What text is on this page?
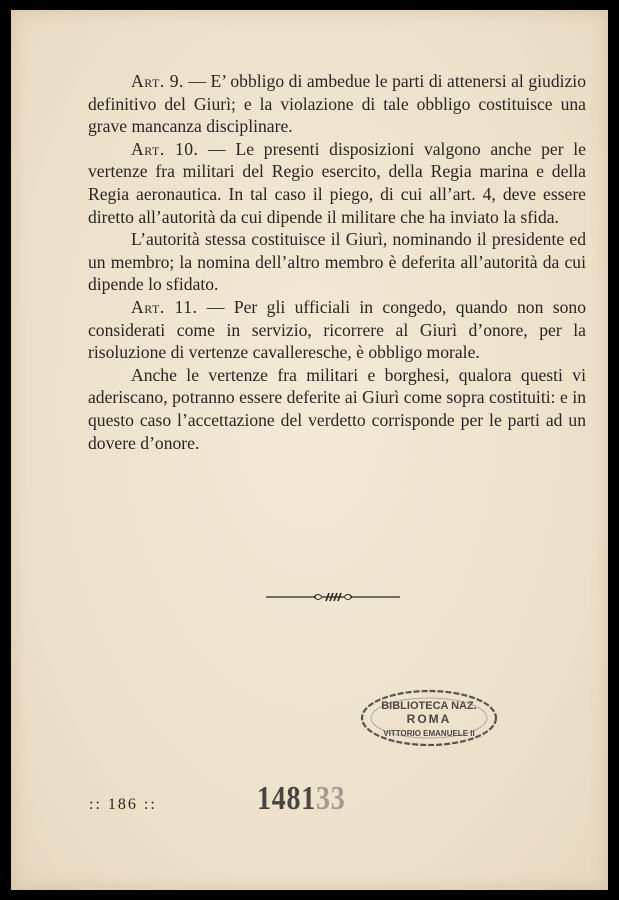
Art. 9. — E’ obbligo di ambedue le parti di attenersi al giudizio definitivo del Giurì; e la violazione di tale obbligo costituisce una grave mancanza disciplinare.

Art. 10. — Le presenti disposizioni valgono anche per le vertenze fra militari del Regio esercito, della Regia marina e della Regia aeronautica. In tal caso il piego, di cui all’art. 4, deve essere diretto all’autorità da cui dipende il militare che ha inviato la sfida.

L’autorità stessa costituisce il Giurì, nominando il presidente ed un membro; la nomina dell’altro membro è deferita all’autorità da cui dipende lo sfidato.

Art. 11. — Per gli ufficiali in congedo, quando non sono considerati come in servizio, ricorrere al Giurì d’onore, per la risoluzione di vertenze cavalleresche, è obbligo morale.

Anche le vertenze fra militari e borghesi, qualora questi vi aderiscano, potranno essere deferite ai Giurì come sopra costituiti: e in questo caso l’accettazione del verdetto corrisponde per le parti ad un dovere d’onore.

BIBLIOTECA NAZ.
ROMA
VITTORIO EMANUELE II
:: 186 ::	148133
